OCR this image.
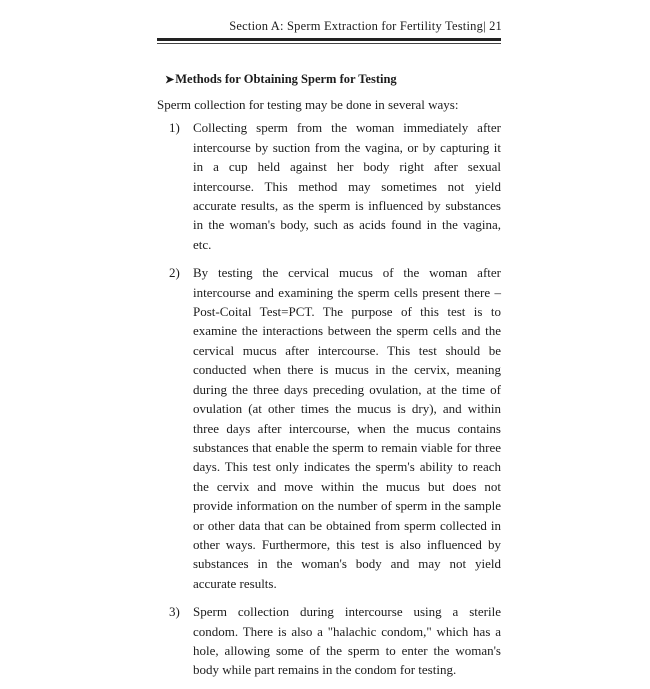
Section A: Sperm Extraction for Fertility Testing| 21
➤Methods for Obtaining Sperm for Testing

Sperm collection for testing may be done in several ways:

1) Collecting sperm from the woman immediately after intercourse by suction from the vagina, or by capturing it in a cup held against her body right after sexual intercourse. This method may sometimes not yield accurate results, as the sperm is influenced by substances in the woman's body, such as acids found in the vagina, etc.
2) By testing the cervical mucus of the woman after intercourse and examining the sperm cells present there – Post-Coital Test=PCT. The purpose of this test is to examine the interactions between the sperm cells and the cervical mucus after intercourse. This test should be conducted when there is mucus in the cervix, meaning during the three days preceding ovulation, at the time of ovulation (at other times the mucus is dry), and within three days after intercourse, when the mucus contains substances that enable the sperm to remain viable for three days. This test only indicates the sperm's ability to reach the cervix and move within the mucus but does not provide information on the number of sperm in the sample or other data that can be obtained from sperm collected in other ways. Furthermore, this test is also influenced by substances in the woman's body and may not yield accurate results.
3) Sperm collection during intercourse using a sterile condom. There is also a "halachic condom," which has a hole, allowing some of the sperm to enter the woman's body while part remains in the condom for testing.
